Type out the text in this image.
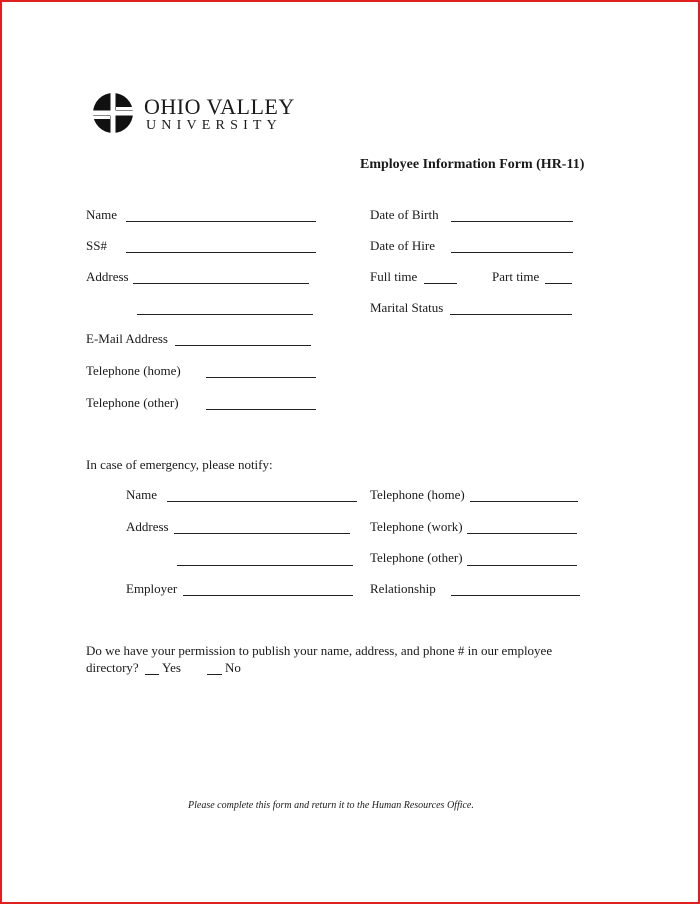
OHIO VALLEY
UNIVERSITY
Employee Information Form (HR-11)
Name
SS#
Address
E-Mail Address
Telephone (home)
Telephone (other)
Date of Birth
Date of Hire
Full time	Part time
Marital Status
In case of emergency, please notify:
Name
Address
Employer
Telephone (home)
Telephone (work)
Telephone (other)
Relationship
Do we have your permission to publish your name, address, and phone # in our employee
directory? Yes	No
Please complete this form and return it to the Human Resources Office.
